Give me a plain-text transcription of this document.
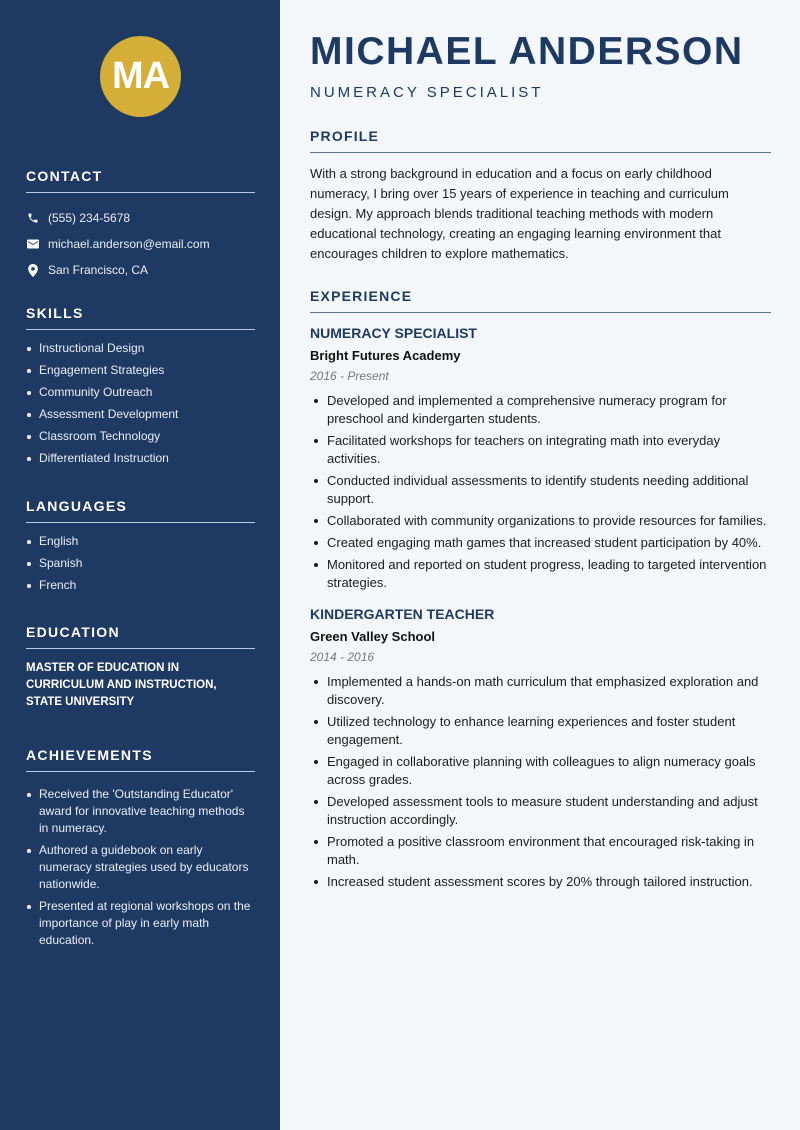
MA
CONTACT
(555) 234-5678
michael.anderson@email.com
San Francisco, CA
SKILLS
Instructional Design
Engagement Strategies
Community Outreach
Assessment Development
Classroom Technology
Differentiated Instruction
LANGUAGES
English
Spanish
French
EDUCATION

MASTER OF EDUCATION IN CURRICULUM AND INSTRUCTION, STATE UNIVERSITY

ACHIEVEMENTS
Received the 'Outstanding Educator' award for innovative teaching methods in numeracy.
Authored a guidebook on early numeracy strategies used by educators nationwide.
Presented at regional workshops on the importance of play in early math education.
MICHAEL ANDERSON
NUMERACY SPECIALIST
PROFILE

With a strong background in education and a focus on early childhood numeracy, I bring over 15 years of experience in teaching and curriculum design. My approach blends traditional teaching methods with modern educational technology, creating an engaging learning environment that encourages children to explore mathematics.

EXPERIENCE
NUMERACY SPECIALIST
Bright Futures Academy
2016 - Present
Developed and implemented a comprehensive numeracy program for preschool and kindergarten students.
Facilitated workshops for teachers on integrating math into everyday activities.
Conducted individual assessments to identify students needing additional support.
Collaborated with community organizations to provide resources for families.
Created engaging math games that increased student participation by 40%.
Monitored and reported on student progress, leading to targeted intervention strategies.
KINDERGARTEN TEACHER
Green Valley School
2014 - 2016
Implemented a hands-on math curriculum that emphasized exploration and discovery.
Utilized technology to enhance learning experiences and foster student engagement.
Engaged in collaborative planning with colleagues to align numeracy goals across grades.
Developed assessment tools to measure student understanding and adjust instruction accordingly.
Promoted a positive classroom environment that encouraged risk-taking in math.
Increased student assessment scores by 20% through tailored instruction.
